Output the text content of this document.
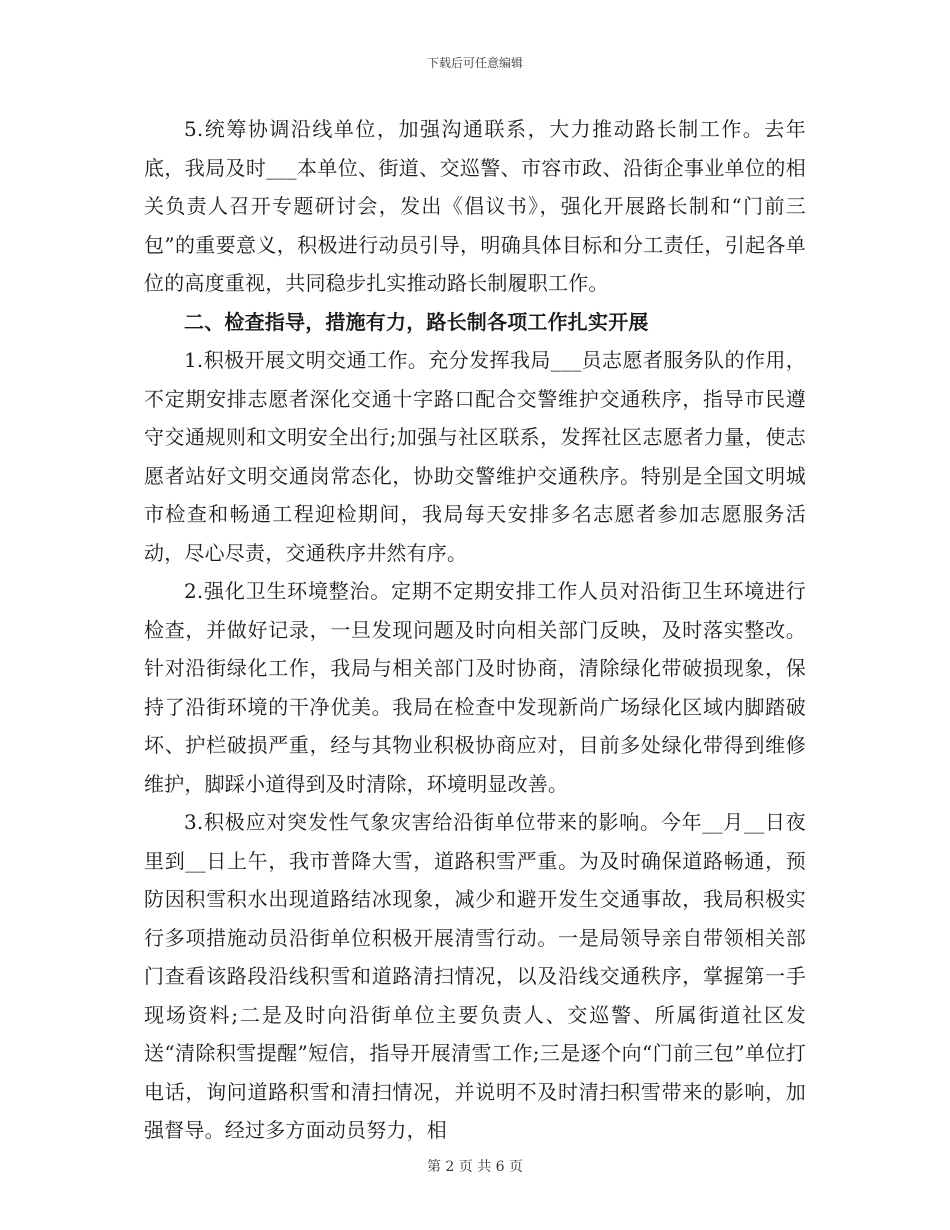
下载后可任意编辑

5.统筹协调沿线单位，加强沟通联系，大力推动路长制工作。去年底，我局及时___本单位、街道、交巡警、市容市政、沿街企事业单位的相关负责人召开专题研讨会，发出《倡议书》，强化开展路长制和“门前三包”的重要意义，积极进行动员引导，明确具体目标和分工责任，引起各单位的高度重视，共同稳步扎实推动路长制履职工作。

二、检查指导，措施有力，路长制各项工作扎实开展

1.积极开展文明交通工作。充分发挥我局___员志愿者服务队的作用，不定期安排志愿者深化交通十字路口配合交警维护交通秩序，指导市民遵守交通规则和文明安全出行;加强与社区联系，发挥社区志愿者力量，使志愿者站好文明交通岗常态化，协助交警维护交通秩序。特别是全国文明城市检查和畅通工程迎检期间，我局每天安排多名志愿者参加志愿服务活动，尽心尽责，交通秩序井然有序。

2.强化卫生环境整治。定期不定期安排工作人员对沿街卫生环境进行检查，并做好记录，一旦发现问题及时向相关部门反映，及时落实整改。针对沿街绿化工作，我局与相关部门及时协商，清除绿化带破损现象，保持了沿街环境的干净优美。我局在检查中发现新尚广场绿化区域内脚踏破坏、护栏破损严重，经与其物业积极协商应对，目前多处绿化带得到维修维护，脚踩小道得到及时清除，环境明显改善。

3.积极应对突发性气象灾害给沿街单位带来的影响。今年__月__日夜里到__日上午，我市普降大雪，道路积雪严重。为及时确保道路畅通，预防因积雪积水出现道路结冰现象，减少和避开发生交通事故，我局积极实行多项措施动员沿街单位积极开展清雪行动。一是局领导亲自带领相关部门查看该路段沿线积雪和道路清扫情况，以及沿线交通秩序，掌握第一手现场资料;二是及时向沿街单位主要负责人、交巡警、所属街道社区发送“清除积雪提醒”短信，指导开展清雪工作;三是逐个向“门前三包”单位打电话，询问道路积雪和清扫情况，并说明不及时清扫积雪带来的影响，加强督导。经过多方面动员努力，相

第 2 页 共 6 页
